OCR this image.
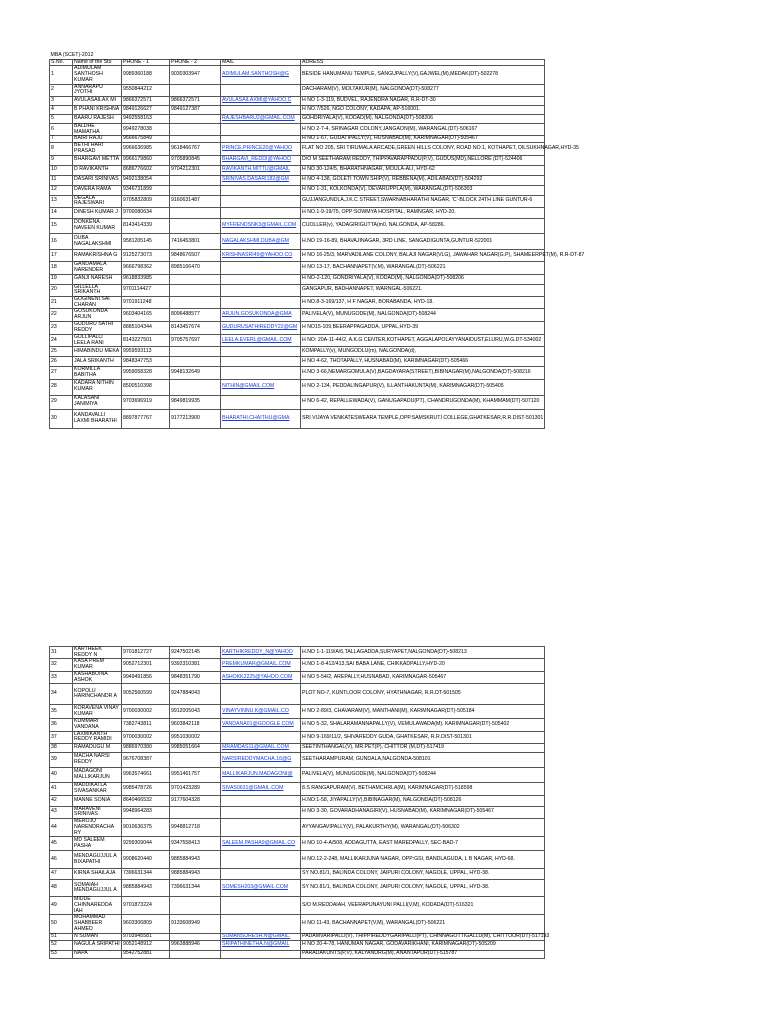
MBA (SCET)-2012					
S.No.	Name of the Stu	PHONE - 1	PHONE - 2	MAIL	ADRESS
1	ADIMULAM SANTHOSH KUMAR	9989360188	9030303947	ADIMULAM.SANTHOSH@G	BESIDE HANUMANU TEMPLE, SANGUPALLY(V),GAJWEL(M),MEDAK(DT)-502278
2	ANNARAPU JYOTHI	9550844212			DACHARAM(V), MOLTAKUR(M), NALGONDA(DT)-508277
3	AVULASAILAX MI	9866372571	9866372571	AVULASAILAXMI@YAHOO.C	H NO 1-3-119, BUDVEL, RAJENDRA NAGAR, R.R-DT-30
4	B PHANI KRISHNA	9849126627	9849127387		H NO.7/526, NGO COLONY, KADAPA, AP-516001.
5	BAARU RAJESH	9492558163		RAJESHBARU2@GMAIL.COM	GOHDRIYALA(V), KODAD(M), NALGONDA(DT)-508206
6	BALDHE MAMATHA	9949278038			H NO 2-7-4, SRINAGAR COLONY,JANGAON(M), WARANGAL(DT)-506167
7	BAIRI RAJU	9666675849			H NO 1-67, GUDATIPALLY(V), HUSNABAD(M), KARIMNAGAR(DT)-505467
8	BETHI HARI PRASAD	9966636985	9618466767	PRINCE.PRINCE20@YAHOO	FLAT NO 205, SRI TIRUMALA ARCADE,GREEN HILLS COLONY, ROAD NO:1, KOTHAPET, DILSUKHNAGAR,HYD-35
9	BHARGAVI METTA	9966179860	9705890845	BHARGAVI_REDDI@YAHOO	D/O M SEETHARAM REDDY, THIPPAVARAPPADU(P,V), GUDUS(MD),NELLORE (DT)-524406
10	D RAVIKANTH	8686776602	9704212301	RAVIKANTH.MITTU@GMAIL	H NO 30-124/5, BHARATHNAGAR, MOULA-ALI, HYD-62
11	DASARI SRINIVAS	9492138054		SRINIVAS.DASARI182@GM	H NO 4-138, GOLETI TOWN SHIP(V), REBBENA(M), ADILABAD(DT)-504292
12	DAVERA RAMA	9346731899			H NO 1-31, KOLKONDA(V), DEVARUPPLA(M), WARANGAL(DT)-506303
13	DEGALA RAJESWARI	9705832809	9160631487		GUJJANGUNDLA,J.K.C STREET,SWARNABHARATHI NAGAR, 'C'-BLOCK 24TH LINE GUNTUR-6
14	DINESH KUMAR J	9700080634			H NO.1-9-19/75, OPP:SOWMYA HOSPITAL, RAMNGAR, HYD-20.
15	DONKENA NAVEEN KUMAR	8143414339		MYFRENDSNK3@GMAIL.COM	CUOLLER(v), YADAGIRIGUTTA(m0, NALGONDA, AP-58286.
16	DUBA NAGALAKSHMI	9581205145	7416453801	NAGALAKSHMI.DUBA@GM	H.NO 19-16-89, BHAVAJINAGAR, 3RD LINE, SANGADIGUNTA,GUNTUR-522001
17	RAMAKRISHNA G	9125273073	9848676507	KRISHNASRI49@YAHOO.CO	H NO 16-25/3, MARVADILANE COLONY, BALAJI NAGAR(VLG), JAWAHAR NAGAR(G.P), SHAMEERPET(M), R.R-DT-87
18	GANDAMALA NARENDER	9666798362	8985166470		H NO 13-17, BACHANNAPET(V,M), WARANGAL(DT)-506221
19	GANJI NARESH	9618833985			H NO-2-120, GONDRIYALA(V), KODAD(M), NALGONDA(DT)-508206
20	GILLELLA SRIKANTH	9701114427			GANGAPUR, BADHANNAPET, WARNGAL-506221.
21	GOGINENI SAI CHARAN	9701911248			H NO.8-3-169/137, H F NAGAR, BORABANDA, HYD-18.
22	GOSUKONDA ARJUN	9603404165	8096488577	ARJUN.GOSUKONDA@GMA	PALIVELA(V), MUNUGODE(M), NALGONDA(DT)-508244
23	GUDURU SATHI REDDY	8885104344	8143457674	GUDURUSATHIREDDY22@GM	H NO15-109,BEERAPPAGADDA, UPPAL,HYD-39
24	GULLIPALLI LEELA RANI	8143227501	9705757697	LEELA.EVERL@GMAIL.COM	H NO: 20A-11-44/2, A.K.G CENTER,KOTHAPET, AGGALAPOLAYYANAIDUST,ELURU,W.G.DT-534002
25	HIMABINDU MEKA	9959593113			KOMPALLY(v), MUNGODLU(m), NALGONDA(d),
26	JALA SRIKANTH	9848347753			H NO 4-62, THOTAPALLY, HUSNABAD(M), KARIMNAGAR(DT)-505466
27	KORMILLA BABITHA	9959058328	9948132649		H.NO 3-66,NEMARGOMULA(V),BAGDAYARA(STREET),BIBINAGAR(M),NALGONDA(DT)-508216
28	KADARA NITHIN KUMAR	8500510398		NITHIN@GMAIL.COM	H NO 2-134, PEDDALINGAPUR(V), ILLANTHAKUNTA(M), KARIMNAGAR(DT)-505405
29	KALASANI JANIMIYA	9703696919	9849819935		H NO 6-42, REPALLEWADA(V), GANUGAPADU(PT), CHANDRUGONDA(M), KHAMMAM(DT)-507120
30	KANDAVALLI LAXMI BHARATHI	8897877767	9177213900	BHARATHI.CHAITHU@GMA	SRI VIJAYA VENKATESWEARA TEMPLE,OPP.SAMSKRUTI COLLEGE,GHATKESAR,R.R.DIST-501301
31	KARTHEEK REDDY N	9701812727	9247502145	KARTHIKREDDY_N@YAHOO	H.NO 1-1-119/A/6,TALLAGADDA,SURYAPET,NALGONDA(DT)-508213
32	KASA PREM KUMAR	9052712301	9392310381	PREMKUMAR@GMAIL.COM	H.NO 1-8-412/413,SAI BABA LANE, CHIKKADPALLY,HYD-20
33	KASHABOINA ASHOK	9949491856	9848351790	ASHOKK2225@YAHOO.COM	H NO 5-54/2, AREPALLY,HUSNABAD, KARIMNAGAR-505467
34	KOPOLU HARINCHANDR A	9052560599	9247884043		PLOT NO-7, KUNTLOOR COLONY, HYATHNAGAR, R.R.DT-501505
35	KORAVENA VINAY KUMAR	9700030002	9912005043	VINAYVINNU.K@GMAIL.CO	H NO 2-89/3, CHAVARAM(V), MANTHANI(M), KARIMNAGAR(DT)-505184
36	KUMMARI VANDANA	7382743811	9603842118	VANDANA01@GOOGLE.COM	H NO 5-32, SHALARAMANNAPALLY(V), VEMULAWADA(M), KARIMNAGAR(DT)-505402
37	LAXMIKANTH REDDY RAMIDI	9700030002	9951030002		H NO 9-169/11/2, SHIVAREDDY GUDA, GHATKESAR, R.R.DIST-501301
38	RAMADUGU M	9886970380	9985051664	MRAMDAS11@GMAIL.COM	SEETINTHANGAL(V), MR.PET(P), CHITTOR (M,DT)-517419
39	MACHA NARSI REDDY	9676708387		NARSIREDDYMACHA.16@G	SEETHARAMPURAM, GUNDALA,NALGONDA-508101
40	MADAGONI MALLIKARJUN	9963574661	9951461757	MALLIKARJUN.MADAGONI@	PALIVELA(V), MUNUGODE(M), NALGONDA(DT)-508244
41	MADDIKATLA SIVASANKAR	9985478726	9701423289	SIVAS0631@GMAIL.COM	8.S RANGAPURAM(V), BETHAMCHRLA(M), KARIMNAGAR(DT)-518598
42	MANNE SONIA	8640466532	9177604328		H.NO:1-58, JIYAPALLY(V),BIBINAGAR(M), NALGONDA(DT)-508126
43	MARAVENI SRINIVAS	9948964283			H NO 3-30, GOVARADHANAGIRI(V), HUSNABAD(M), KARIMNAGAR(DT)-505467
44	MEROJU NARENDRACHA RY	9010636375	9948812718		AYYANGAVIPALLY(V), PALAKURTHY(M), WARANGAL(DT)-506302
45	MD SALEEM PASHA	9299309044	9347558413	SALEEM.PASHA9@GMAIL.CO	H NO 10-4-A/508, ADDAGUTTA, EAST MAREDPALLY, SEC-BAD-7
46	MENDAGUJJUL A BIXAPATHI	9908620440	9885884943		H NO.12-2-248, MALLIKARJUNA NAGAR, OPP:GSI, BANDLAGUDA, L B NAGAR, HYD-68.
47	KIRNA SHAILAJA	7396631344	9885884943		SY NO.81/1, BALINDA COLONY, JAIPURI COLONY, NAGOLE, UPPAL, HYD-38.
48	SOMAIAH MENDAGUJJUL A	9885884943	7396631344	SOMESH203@GMAIL.COM	SY NO.81/1, BALINDA COLONY, JAIPURI COLONY, NAGOLE, UPPAL, HYD-38.
49	MIDDE CHINNAREDDA IAH	9701873224			S/O M.REDDAIAH, VEERAPUNAYUNI PALLI(V,M), KODADA(DT)-516321
50	MOHAMMAD SHABBEER AHMED	9603306809	9133608949		H NO 11-43, BACHANNAPET(V,M), WARANGAL(DT)-506221
51	N SUMAN	9703945581		SUMANSURESH.N@GMAIL.	PADAMVARIPALLI(V), THIPPIREDDYGARIPALLI(PT), CHINNAGOTTIGALLU(M), CHITTOOR(DT)-517193
52	NAGULA SRIPATHI	9052148912	9963888946	SRIPATHINETHA.N@GMAIL	H NO 20-4-78, HANUMAN NAGAR, GODAVARIKHANI, KARIMNAGAR(DT)-505209
53	NAPA	9542752881			PARADAKUNTS(P,V), KALYANDRG(M), ANANTAPUR(DT)-515787
